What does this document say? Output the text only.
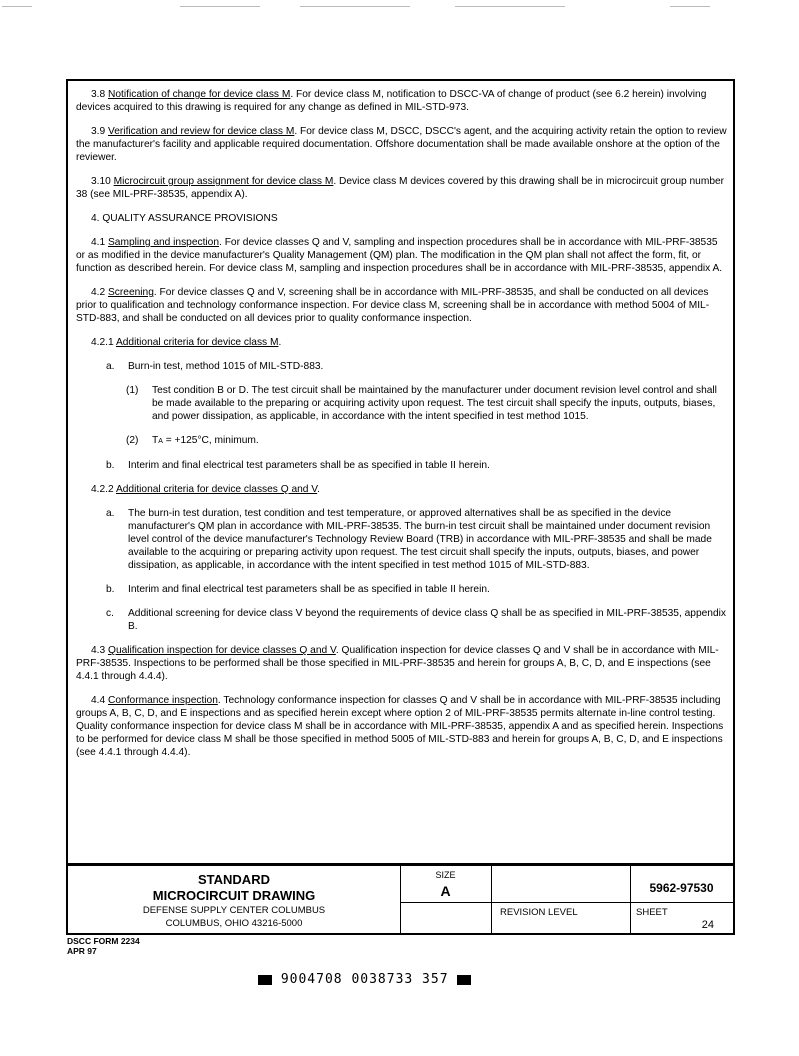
3.8 Notification of change for device class M. For device class M, notification to DSCC-VA of change of product (see 6.2 herein) involving devices acquired to this drawing is required for any change as defined in MIL-STD-973.

3.9 Verification and review for device class M. For device class M, DSCC, DSCC's agent, and the acquiring activity retain the option to review the manufacturer's facility and applicable required documentation. Offshore documentation shall be made available onshore at the option of the reviewer.

3.10 Microcircuit group assignment for device class M. Device class M devices covered by this drawing shall be in microcircuit group number 38 (see MIL-PRF-38535, appendix A).

4. QUALITY ASSURANCE PROVISIONS

4.1 Sampling and inspection. For device classes Q and V, sampling and inspection procedures shall be in accordance with MIL-PRF-38535 or as modified in the device manufacturer's Quality Management (QM) plan. The modification in the QM plan shall not affect the form, fit, or function as described herein. For device class M, sampling and inspection procedures shall be in accordance with MIL-PRF-38535, appendix A.

4.2 Screening. For device classes Q and V, screening shall be in accordance with MIL-PRF-38535, and shall be conducted on all devices prior to qualification and technology conformance inspection. For device class M, screening shall be in accordance with method 5004 of MIL-STD-883, and shall be conducted on all devices prior to quality conformance inspection.

4.2.1 Additional criteria for device class M.

a.	Burn-in test, method 1015 of MIL-STD-883.
(1)	Test condition B or D. The test circuit shall be maintained by the manufacturer under document revision level control and shall be made available to the preparing or acquiring activity upon request. The test circuit shall specify the inputs, outputs, biases, and power dissipation, as applicable, in accordance with the intent specified in test method 1015.
(2)	TA = +125°C, minimum.
b.	Interim and final electrical test parameters shall be as specified in table II herein.

4.2.2 Additional criteria for device classes Q and V.

a.	The burn-in test duration, test condition and test temperature, or approved alternatives shall be as specified in the device manufacturer's QM plan in accordance with MIL-PRF-38535. The burn-in test circuit shall be maintained under document revision level control of the device manufacturer's Technology Review Board (TRB) in accordance with MIL-PRF-38535 and shall be made available to the acquiring or preparing activity upon request. The test circuit shall specify the inputs, outputs, biases, and power dissipation, as applicable, in accordance with the intent specified in test method 1015 of MIL-STD-883.
b.	Interim and final electrical test parameters shall be as specified in table II herein.
c.	Additional screening for device class V beyond the requirements of device class Q shall be as specified in MIL-PRF-38535, appendix B.

4.3 Qualification inspection for device classes Q and V. Qualification inspection for device classes Q and V shall be in accordance with MIL-PRF-38535. Inspections to be performed shall be those specified in MIL-PRF-38535 and herein for groups A, B, C, D, and E inspections (see 4.4.1 through 4.4.4).

4.4 Conformance inspection. Technology conformance inspection for classes Q and V shall be in accordance with MIL-PRF-38535 including groups A, B, C, D, and E inspections and as specified herein except where option 2 of MIL-PRF-38535 permits alternate in-line control testing. Quality conformance inspection for device class M shall be in accordance with MIL-PRF-38535, appendix A and as specified herein. Inspections to be performed for device class M shall be those specified in method 5005 of MIL-STD-883 and herein for groups A, B, C, D, and E inspections (see 4.4.1 through 4.4.4).

STANDARD
MICROCIRCUIT DRAWING
DEFENSE SUPPLY CENTER COLUMBUS
COLUMBUS, OHIO 43216-5000
SIZE
A	5962-97530
REVISION LEVEL	SHEET
24
DSCC FORM 2234
APR 97
9004708 0038733 357
